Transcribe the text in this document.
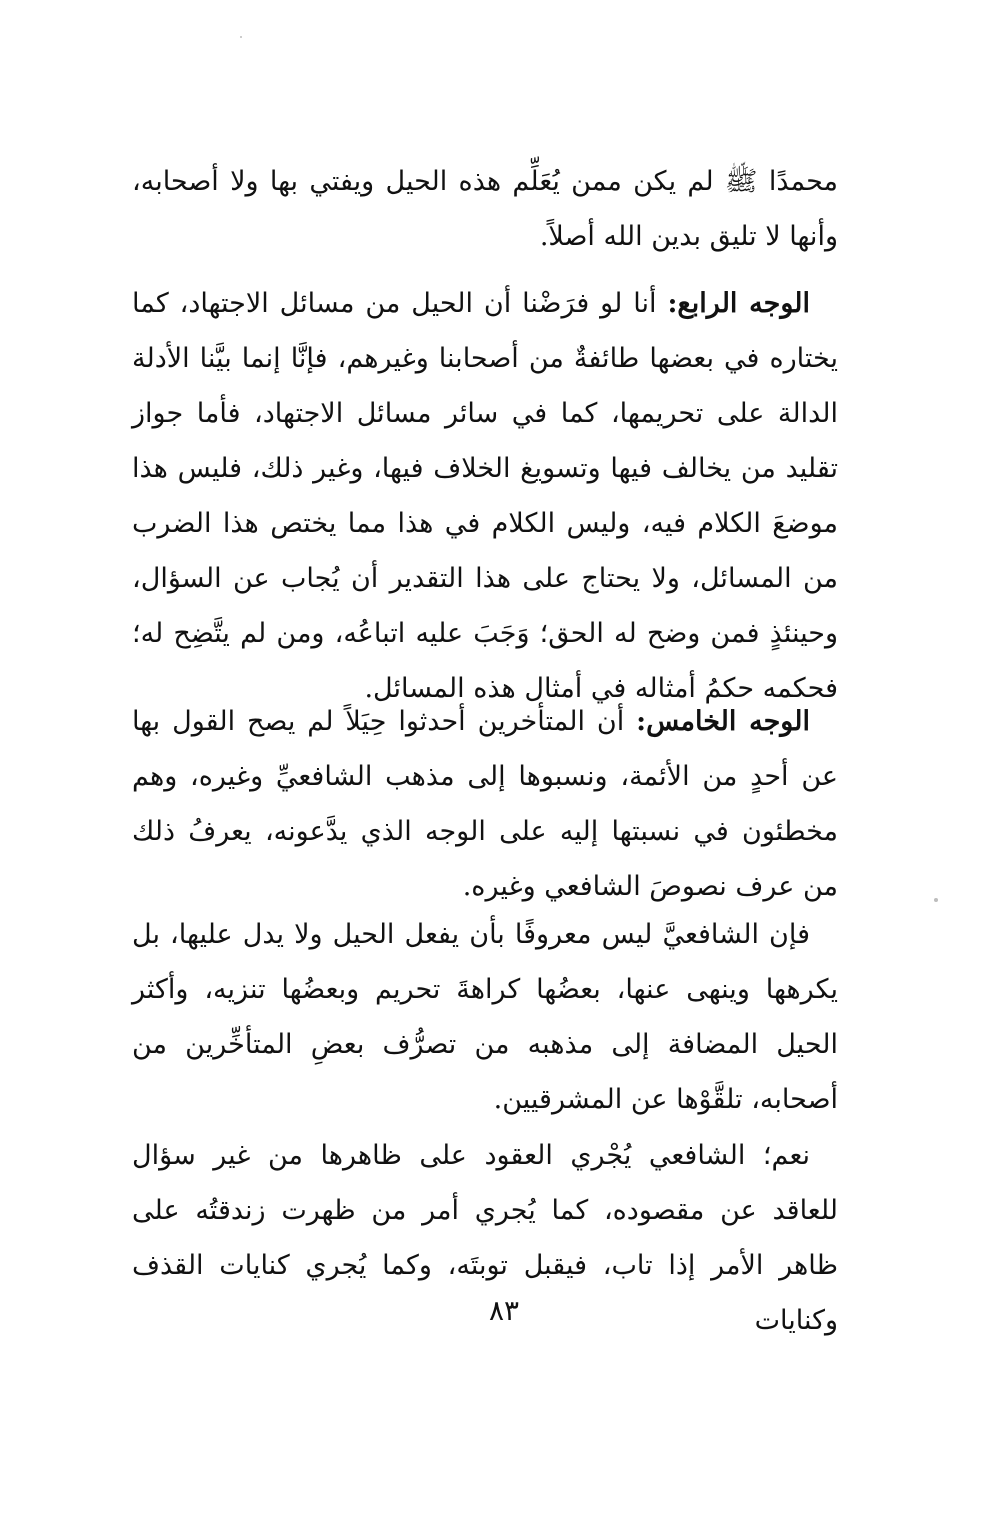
محمدًا ﷺ لم يكن ممن يُعَلِّم هذه الحيل ويفتي بها ولا أصحابه، وأنها لا تليق بدين الله أصلاً.

الوجه الرابع: أنا لو فرَضْنا أن الحيل من مسائل الاجتهاد، كما يختاره في بعضها طائفةٌ من أصحابنا وغيرهم، فإنَّا إنما بيَّنا الأدلة الدالة على تحريمها، كما في سائر مسائل الاجتهاد، فأما جواز تقليد من يخالف فيها وتسويغ الخلاف فيها، وغير ذلك، فليس هذا موضعَ الكلام فيه، وليس الكلام في هذا مما يختص هذا الضرب من المسائل، ولا يحتاج على هذا التقدير أن يُجاب عن السؤال، وحينئذٍ فمن وضح له الحق؛ وَجَبَ عليه اتباعُه، ومن لم يتَّضِح له؛ فحكمه حكمُ أمثاله في أمثال هذه المسائل.

الوجه الخامس: أن المتأخرين أحدثوا حِيَلاً لم يصح القول بها عن أحدٍ من الأئمة، ونسبوها إلى مذهب الشافعيِّ وغيره، وهم مخطئون في نسبتها إليه على الوجه الذي يدَّعونه، يعرفُ ذلك من عرف نصوصَ الشافعي وغيره.

فإن الشافعيَّ ليس معروفًا بأن يفعل الحيل ولا يدل عليها، بل يكرهها وينهى عنها، بعضُها كراهةَ تحريم وبعضُها تنزيه، وأكثر الحيل المضافة إلى مذهبه من تصرُّف بعضِ المتأخِّرين من أصحابه، تلقَّوْها عن المشرقيين.

نعم؛ الشافعي يُجْري العقود على ظاهرها من غير سؤال للعاقد عن مقصوده، كما يُجري أمر من ظهرت زندقتُه على ظاهر الأمر إذا تاب، فيقبل توبتَه، وكما يُجري كنايات القذف وكنايات

٨٣
